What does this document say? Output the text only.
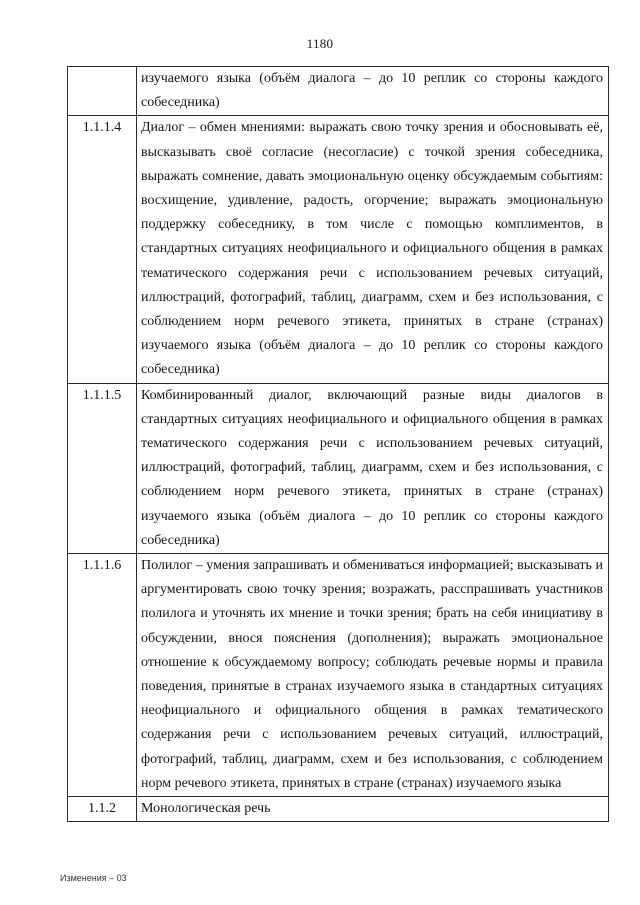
1180
	изучаемого языка (объём диалога – до 10 реплик со стороны каждого собеседника)
1.1.1.4	Диалог – обмен мнениями: выражать свою точку зрения и обосновывать её, высказывать своё согласие (несогласие) с точкой зрения собеседника, выражать сомнение, давать эмоциональную оценку обсуждаемым событиям: восхищение, удивление, радость, огорчение; выражать эмоциональную поддержку собеседнику, в том числе с помощью комплиментов, в стандартных ситуациях неофициального и официального общения в рамках тематического содержания речи с использованием речевых ситуаций, иллюстраций, фотографий, таблиц, диаграмм, схем и без использования, с соблюдением норм речевого этикета, принятых в стране (странах) изучаемого языка (объём диалога – до 10 реплик со стороны каждого собеседника)
1.1.1.5	Комбинированный диалог, включающий разные виды диалогов в стандартных ситуациях неофициального и официального общения в рамках тематического содержания речи с использованием речевых ситуаций, иллюстраций, фотографий, таблиц, диаграмм, схем и без использования, с соблюдением норм речевого этикета, принятых в стране (странах) изучаемого языка (объём диалога – до 10 реплик со стороны каждого собеседника)
1.1.1.6	Полилог – умения запрашивать и обмениваться информацией; высказывать и аргументировать свою точку зрения; возражать, расспрашивать участников полилога и уточнять их мнение и точки зрения; брать на себя инициативу в обсуждении, внося пояснения (дополнения); выражать эмоциональное отношение к обсуждаемому вопросу; соблюдать речевые нормы и правила поведения, принятые в странах изучаемого языка в стандартных ситуациях неофициального и официального общения в рамках тематического содержания речи с использованием речевых ситуаций, иллюстраций, фотографий, таблиц, диаграмм, схем и без использования, с соблюдением норм речевого этикета, принятых в стране (странах) изучаемого языка
1.1.2	Монологическая речь
Изменения – 03
